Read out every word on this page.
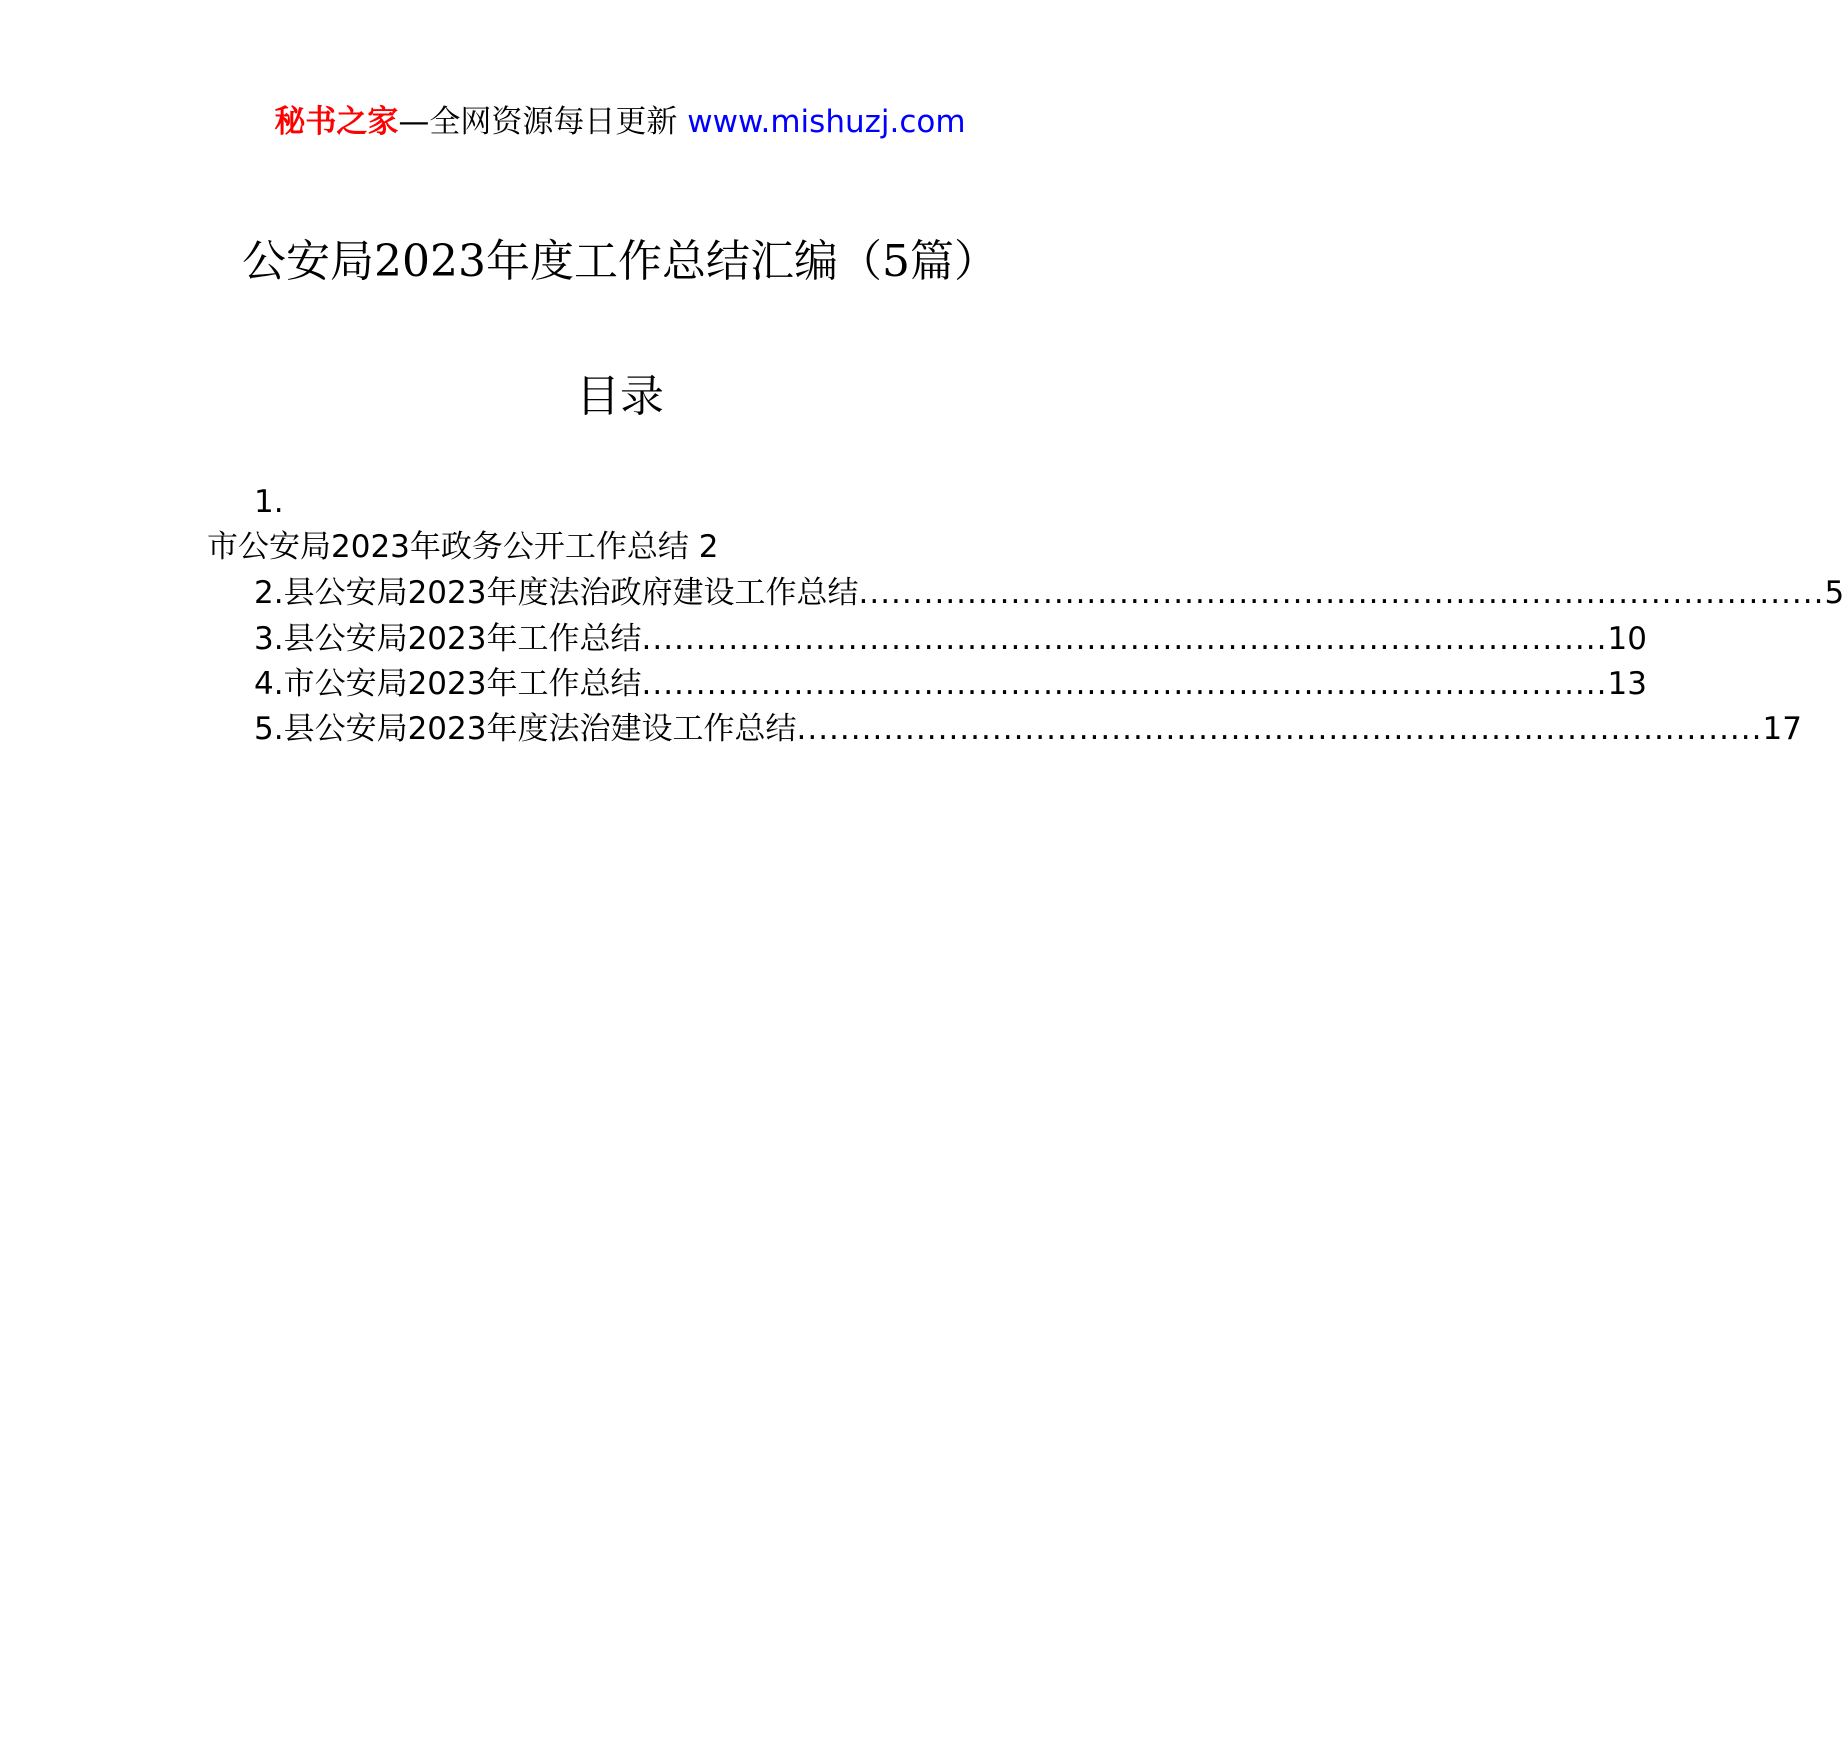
秘书之家—全网资源每日更新 www.mishuzj.com
公安局2023年度工作总结汇编（5篇）
目录
1.
市公安局2023年政务公开工作总结 2
2.县公安局2023年度法治政府建设工作总结 ......................................................................................... 5
3.县公安局2023年工作总结 ......................................................................................... 10
4.市公安局2023年工作总结 ......................................................................................... 13
5.县公安局2023年度法治建设工作总结 ......................................................................................... 17
